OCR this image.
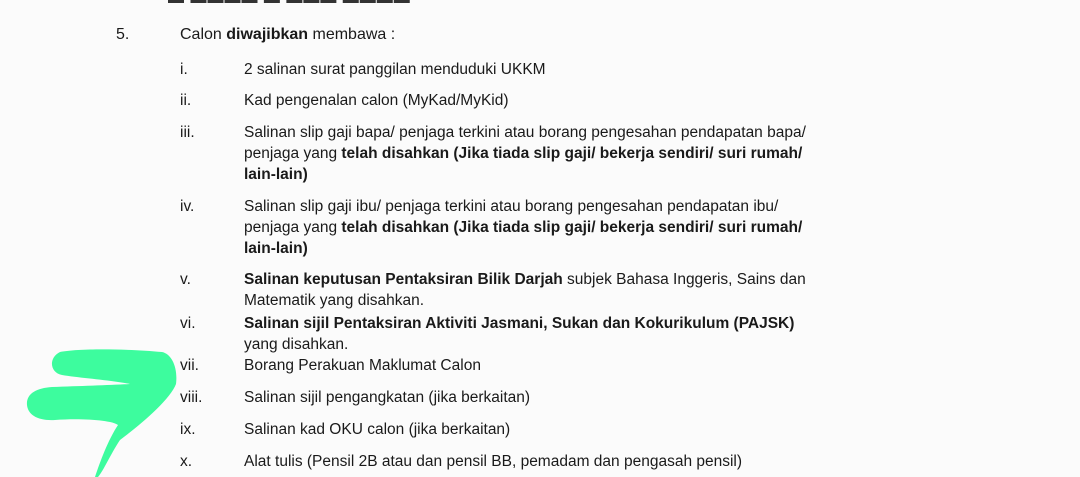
5.	Calon diwajibkan membawa :
i.	2 salinan surat panggilan menduduki UKKM
ii.	Kad pengenalan calon (MyKad/MyKid)
iii.	Salinan slip gaji bapa/ penjaga terkini atau borang pengesahan pendapatan bapa/
penjaga yang telah disahkan (Jika tiada slip gaji/ bekerja sendiri/ suri rumah/
lain-lain)
iv.	Salinan slip gaji ibu/ penjaga terkini atau borang pengesahan pendapatan ibu/
penjaga yang telah disahkan (Jika tiada slip gaji/ bekerja sendiri/ suri rumah/
lain-lain)
v.	Salinan keputusan Pentaksiran Bilik Darjah subjek Bahasa Inggeris, Sains dan
Matematik yang disahkan.
vi.	Salinan sijil Pentaksiran Aktiviti Jasmani, Sukan dan Kokurikulum (PAJSK)
yang disahkan.
vii.	Borang Perakuan Maklumat Calon
viii.	Salinan sijil pengangkatan (jika berkaitan)
ix.	Salinan kad OKU calon (jika berkaitan)
x.	Alat tulis (Pensil 2B atau dan pensil BB, pemadam dan pengasah pensil)
